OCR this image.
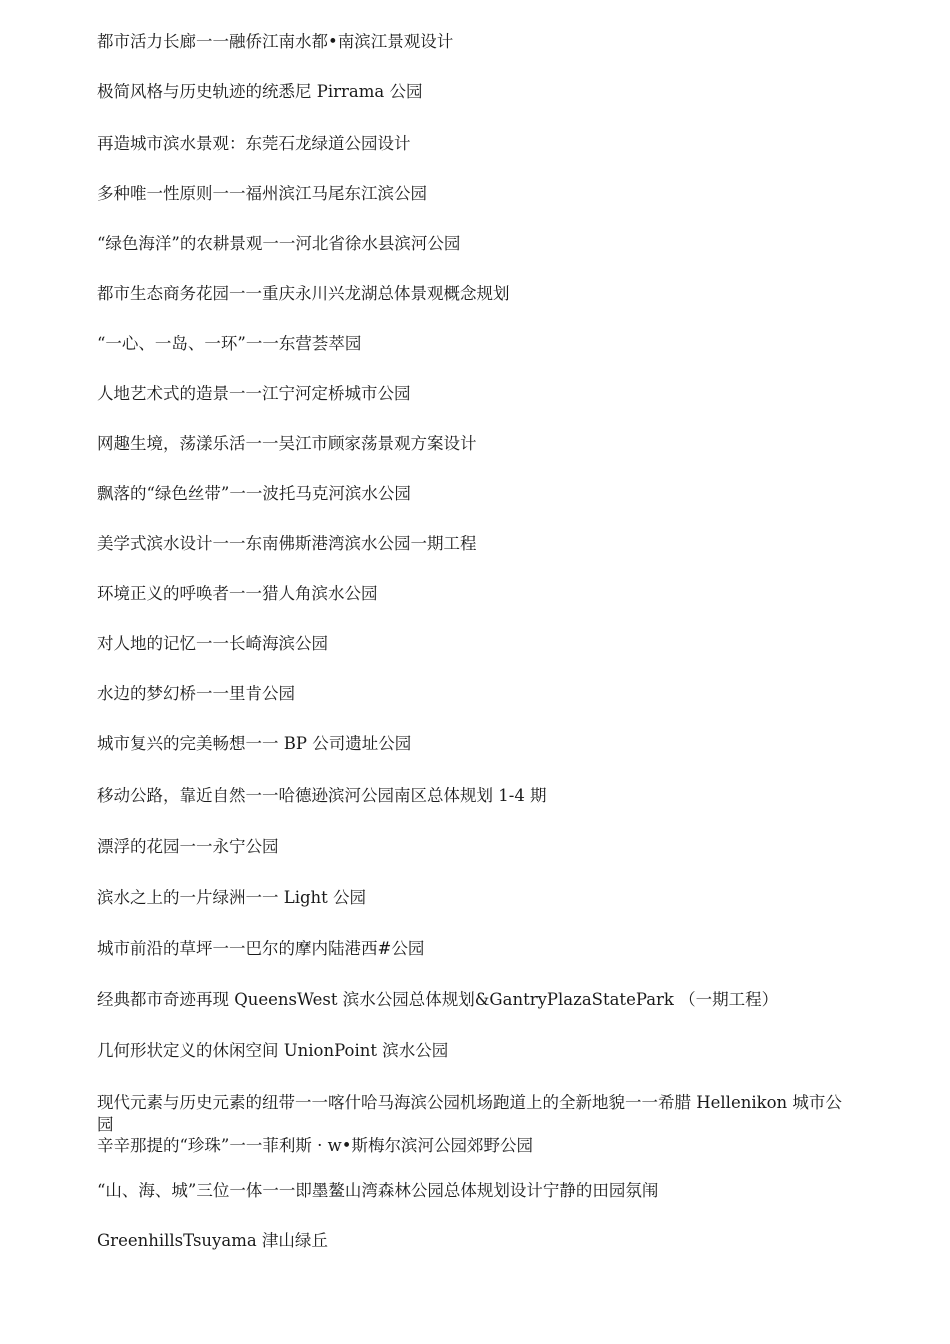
都市活力长廊一一融侨江南水都•南滨江景观设计
极简风格与历史轨迹的统悉尼 Pirrama 公园
再造城市滨水景观：东莞石龙绿道公园设计
多种唯一性原则一一福州滨江马尾东江滨公园
“绿色海洋”的农耕景观一一河北省徐水县滨河公园
都市生态商务花园一一重庆永川兴龙湖总体景观概念规划
“一心、一岛、一环”一一东营荟萃园
人地艺术式的造景一一江宁河定桥城市公园
网趣生境，荡漾乐活一一吴江市顾家荡景观方案设计
飘落的“绿色丝带”一一波托马克河滨水公园
美学式滨水设计一一东南佛斯港湾滨水公园一期工程
环境正义的呼唤者一一猎人角滨水公园
对人地的记忆一一长崎海滨公园
水边的梦幻桥一一里肯公园
城市复兴的完美畅想一一 BP 公司遗址公园
移动公路，靠近自然一一哈德逊滨河公园南区总体规划 1-4 期
漂浮的花园一一永宁公园
滨水之上的一片绿洲一一 Light 公园
城市前沿的草坪一一巴尔的摩内陆港西#公园
经典都市奇迹再现 QueensWest 滨水公园总体规划&GantryPlazaStatePark （一期工程）
几何形状定义的休闲空间 UnionPoint 滨水公园
现代元素与历史元素的纽带一一喀什哈马海滨公园机场跑道上的全新地貌一一希腊 Hellenikon 城市公园
辛辛那提的“珍珠”一一菲利斯 · w•斯梅尔滨河公园郊野公园
“山、海、城”三位一体一一即墨鳌山湾森林公园总体规划设计宁静的田园氛闱
GreenhillsTsuyama 津山绿丘
